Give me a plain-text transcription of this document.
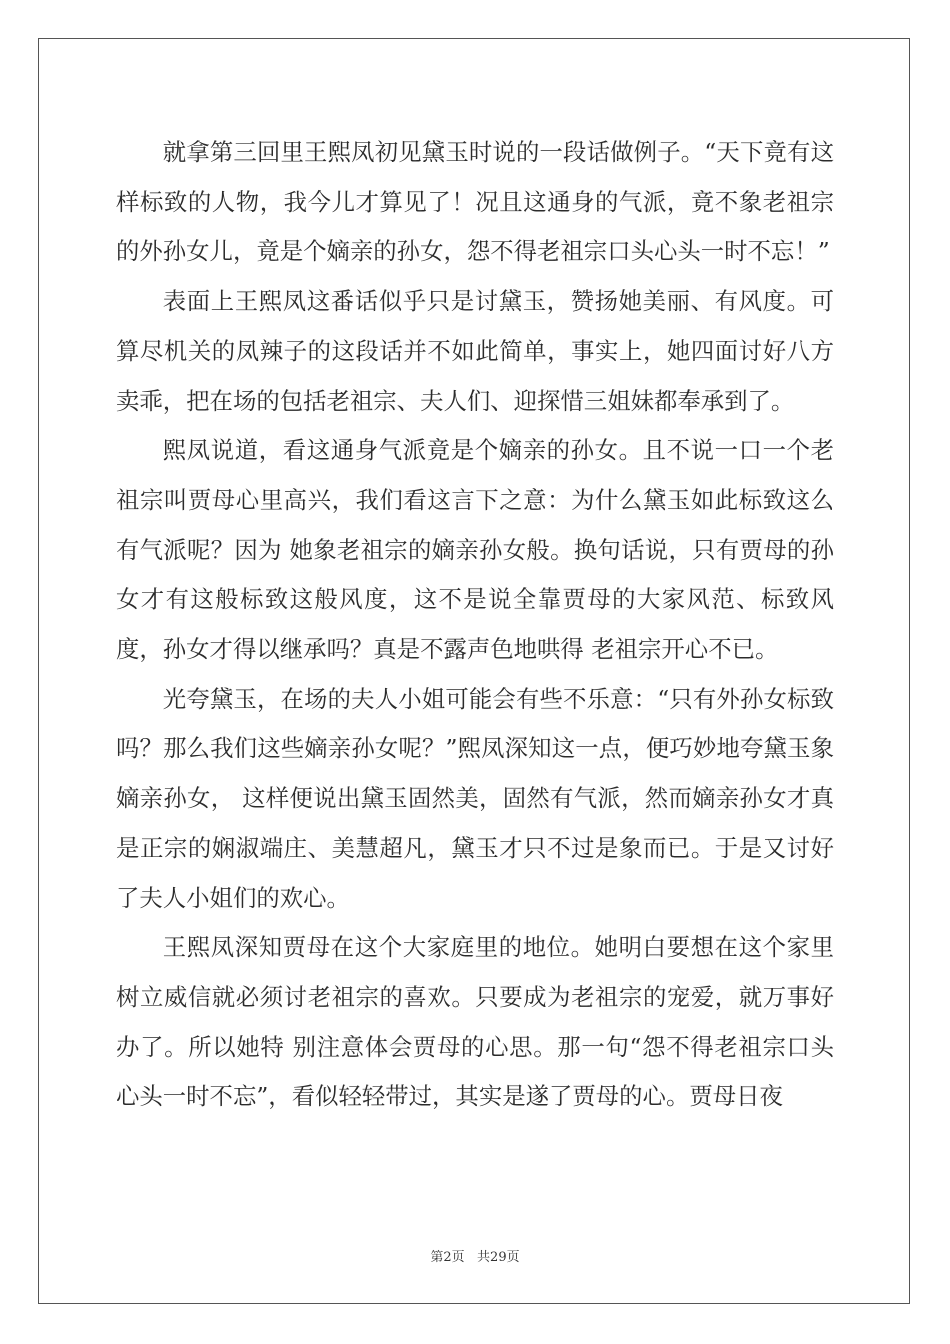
就拿第三回里王熙凤初见黛玉时说的一段话做例子。“天下竟有这样标致的人物，我今儿才算见了！况且这通身的气派，竟不象老祖宗的外孙女儿，竟是个嫡亲的孙女，怨不得老祖宗口头心头一时不忘！”

表面上王熙凤这番话似乎只是讨黛玉，赞扬她美丽、有风度。可算尽机关的凤辣子的这段话并不如此简单，事实上，她四面讨好八方卖乖，把在场的包括老祖宗、夫人们、迎探惜三姐妹都奉承到了。

熙凤说道，看这通身气派竟是个嫡亲的孙女。且不说一口一个老祖宗叫贾母心里高兴，我们看这言下之意：为什么黛玉如此标致这么有气派呢？因为 她象老祖宗的嫡亲孙女般。换句话说，只有贾母的孙女才有这般标致这般风度，这不是说全靠贾母的大家风范、标致风度，孙女才得以继承吗？真是不露声色地哄得 老祖宗开心不已。

光夸黛玉，在场的夫人小姐可能会有些不乐意：“只有外孙女标致吗？那么我们这些嫡亲孙女呢？”熙凤深知这一点，便巧妙地夸黛玉象嫡亲孙女， 这样便说出黛玉固然美，固然有气派，然而嫡亲孙女才真是正宗的娴淑端庄、美慧超凡，黛玉才只不过是象而已。于是又讨好了夫人小姐们的欢心。

王熙凤深知贾母在这个大家庭里的地位。她明白要想在这个家里树立威信就必须讨老祖宗的喜欢。只要成为老祖宗的宠爱，就万事好办了。所以她特 别注意体会贾母的心思。那一句“怨不得老祖宗口头心头一时不忘”，看似轻轻带过，其实是遂了贾母的心。贾母日夜

第2页   共29页
